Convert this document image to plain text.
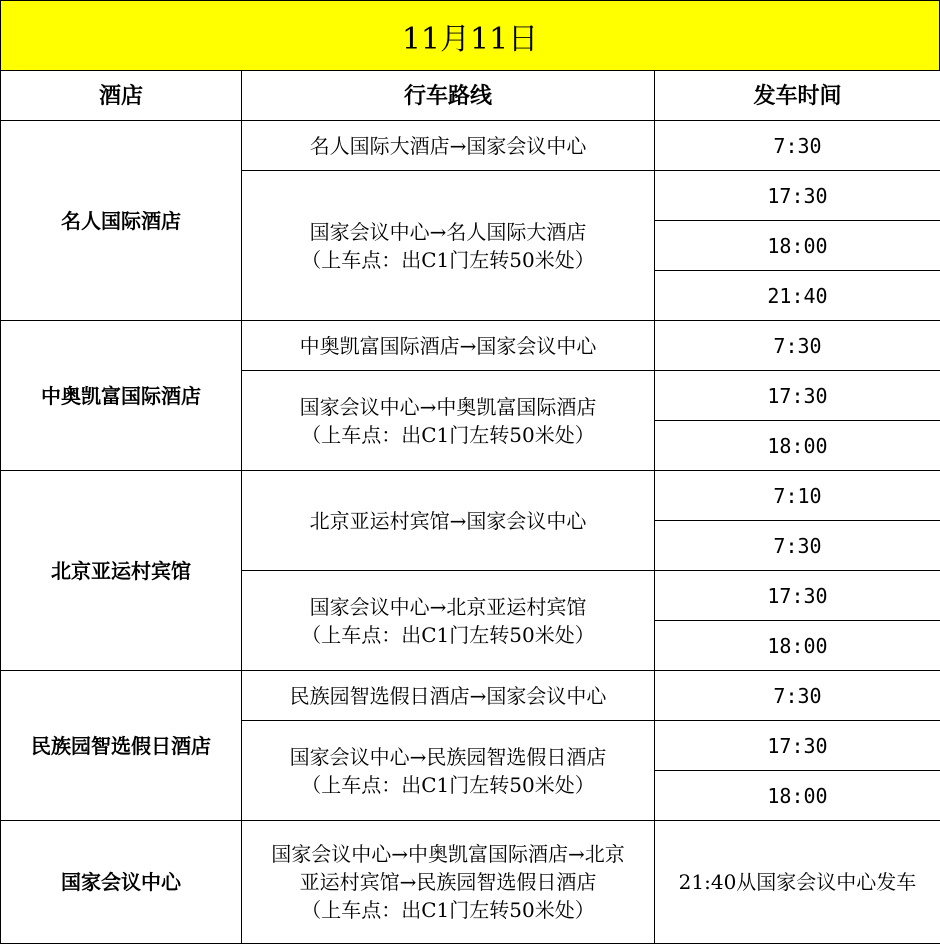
11月11日
酒店	行车路线	发车时间
名人国际酒店	名人国际大酒店→国家会议中心	7:30

	国家会议中心→名人国际大酒店
（上车点：出C1门左转50米处）	17:30
		18:00
		21:40
中奥凯富国际酒店	中奥凯富国际酒店→国家会议中心	7:30

	国家会议中心→中奥凯富国际酒店
（上车点：出C1门左转50米处）	17:30
		18:00
北京亚运村宾馆	北京亚运村宾馆→国家会议中心	7:10
		7:30

	国家会议中心→北京亚运村宾馆
（上车点：出C1门左转50米处）	17:30
		18:00
民族园智选假日酒店	民族园智选假日酒店→国家会议中心	7:30

	国家会议中心→民族园智选假日酒店
（上车点：出C1门左转50米处）	17:30
		18:00
国家会议中心	国家会议中心→中奥凯富国际酒店→北京
亚运村宾馆→民族园智选假日酒店
（上车点：出C1门左转50米处）	21:40从国家会议中心发车
